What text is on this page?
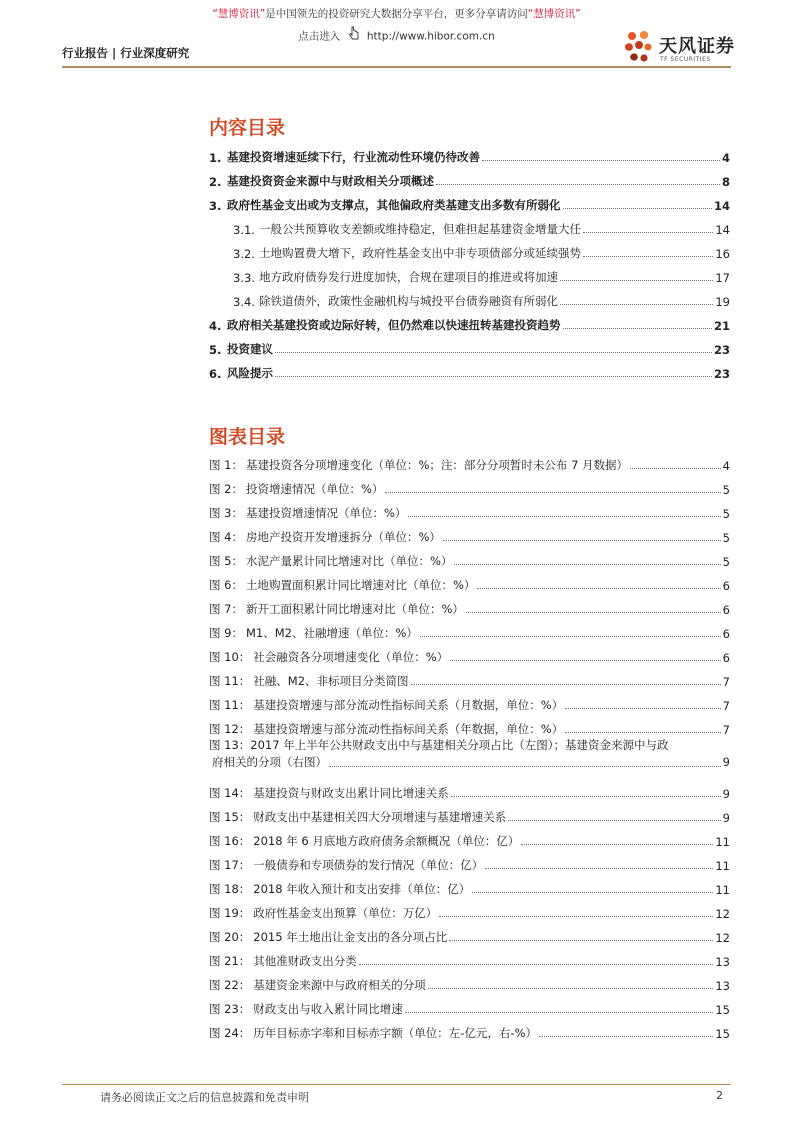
“慧博资讯”是中国领先的投资研究大数据分享平台，更多分享请访问“慧博资讯”
点击进入	http://www.hibor.com.cn	天风证券
TF SECURITIES
行业报告 | 行业深度研究
内容目录
1. 基建投资增速延续下行，行业流动性环境仍待改善	4
2. 基建投资资金来源中与财政相关分项概述	8
3. 政府性基金支出或为支撑点，其他偏政府类基建支出多数有所弱化	14
3.1. 一般公共预算收支差额或维持稳定，但难担起基建资金增量大任	14
3.2. 土地购置费大增下，政府性基金支出中非专项债部分或延续强势	16
3.3. 地方政府债券发行进度加快，合规在建项目的推进或将加速	17
3.4. 除铁道债外，政策性金融机构与城投平台债券融资有所弱化	19
4. 政府相关基建投资或边际好转，但仍然难以快速扭转基建投资趋势	21
5. 投资建议	23
6. 风险提示	23
图表目录
图 1： 基建投资各分项增速变化（单位：%；注：部分分项暂时未公布 7 月数据）	4
图 2： 投资增速情况（单位：%）	5
图 3： 基建投资增速情况（单位：%）	5
图 4： 房地产投资开发增速拆分（单位：%）	5
图 5： 水泥产量累计同比增速对比（单位：%）	5
图 6： 土地购置面积累计同比增速对比（单位：%）	6
图 7： 新开工面积累计同比增速对比（单位：%）	6
图 9： M1、M2、社融增速（单位：%）	6
图 10： 社会融资各分项增速变化（单位：%）	6
图 11： 社融、M2、非标项目分类简图	7
图 11： 基建投资增速与部分流动性指标间关系（月数据，单位：%）	7
图 12： 基建投资增速与部分流动性指标间关系（年数据，单位：%）	7
图 13：2017 年上半年公共财政支出中与基建相关分项占比（左图）；基建资金来源中与政
府相关的分项（右图）	9
图 14： 基建投资与财政支出累计同比增速关系	9
图 15： 财政支出中基建相关四大分项增速与基建增速关系	9
图 16： 2018 年 6 月底地方政府债务余额概况（单位：亿）	11
图 17： 一般债券和专项债券的发行情况（单位：亿）	11
图 18： 2018 年收入预计和支出安排（单位：亿）	11
图 19： 政府性基金支出预算（单位：万亿）	12
图 20： 2015 年土地出让金支出的各分项占比	12
图 21： 其他准财政支出分类	13
图 22： 基建资金来源中与政府相关的分项	13
图 23： 财政支出与收入累计同比增速	15
图 24： 历年目标赤字率和目标赤字额（单位：左-亿元，右-%）	15
请务必阅读正文之后的信息披露和免责申明	2
